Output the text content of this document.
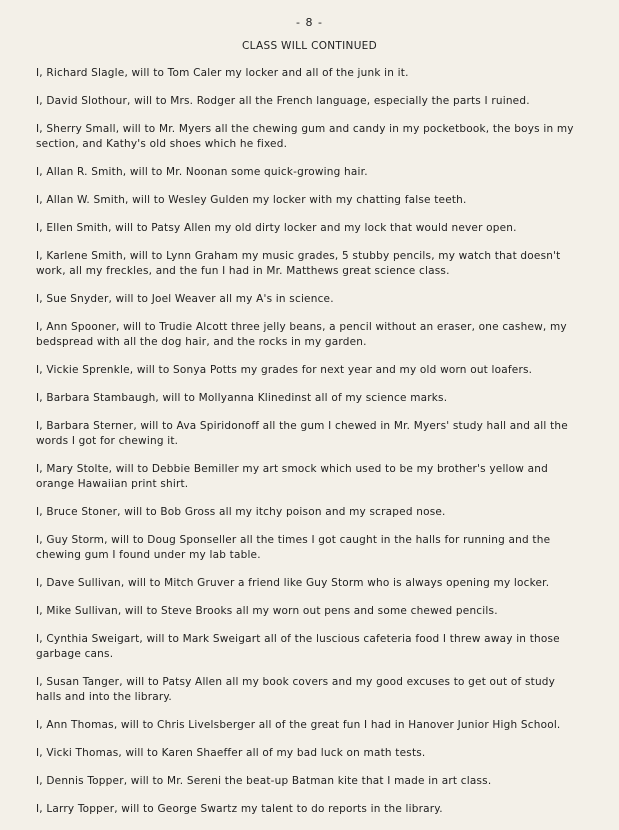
- 8 -
CLASS WILL CONTINUED

I, Richard Slagle, will to Tom Caler my locker and all of the junk in it.

I, David Slothour, will to Mrs. Rodger all the French language, especially the parts I ruined.

I, Sherry Small, will to Mr. Myers all the chewing gum and candy in my pocketbook, the boys in my section, and Kathy's old shoes which he fixed.

I, Allan R. Smith, will to Mr. Noonan some quick-growing hair.

I, Allan W. Smith, will to Wesley Gulden my locker with my chatting false teeth.

I, Ellen Smith, will to Patsy Allen my old dirty locker and my lock that would never open.

I, Karlene Smith, will to Lynn Graham my music grades, 5 stubby pencils, my watch that doesn't work, all my freckles, and the fun I had in Mr. Matthews great science class.

I, Sue Snyder, will to Joel Weaver all my A's in science.

I, Ann Spooner, will to Trudie Alcott three jelly beans, a pencil without an eraser, one cashew, my bedspread with all the dog hair, and the rocks in my garden.

I, Vickie Sprenkle, will to Sonya Potts my grades for next year and my old worn out loafers.

I, Barbara Stambaugh, will to Mollyanna Klinedinst all of my science marks.

I, Barbara Sterner, will to Ava Spiridonoff all the gum I chewed in Mr. Myers' study hall and all the words I got for chewing it.

I, Mary Stolte, will to Debbie Bemiller my art smock which used to be my brother's yellow and orange Hawaiian print shirt.

I, Bruce Stoner, will to Bob Gross all my itchy poison and my scraped nose.

I, Guy Storm, will to Doug Sponseller all the times I got caught in the halls for running and the chewing gum I found under my lab table.

I, Dave Sullivan, will to Mitch Gruver a friend like Guy Storm who is always opening my locker.

I, Mike Sullivan, will to Steve Brooks all my worn out pens and some chewed pencils.

I, Cynthia Sweigart, will to Mark Sweigart all of the luscious cafeteria food I threw away in those garbage cans.

I, Susan Tanger, will to Patsy Allen all my book covers and my good excuses to get out of study halls and into the library.

I, Ann Thomas, will to Chris Livelsberger all of the great fun I had in Hanover Junior High School.

I, Vicki Thomas, will to Karen Shaeffer all of my bad luck on math tests.

I, Dennis Topper, will to Mr. Sereni the beat-up Batman kite that I made in art class.

I, Larry Topper, will to George Swartz my talent to do reports in the library.
